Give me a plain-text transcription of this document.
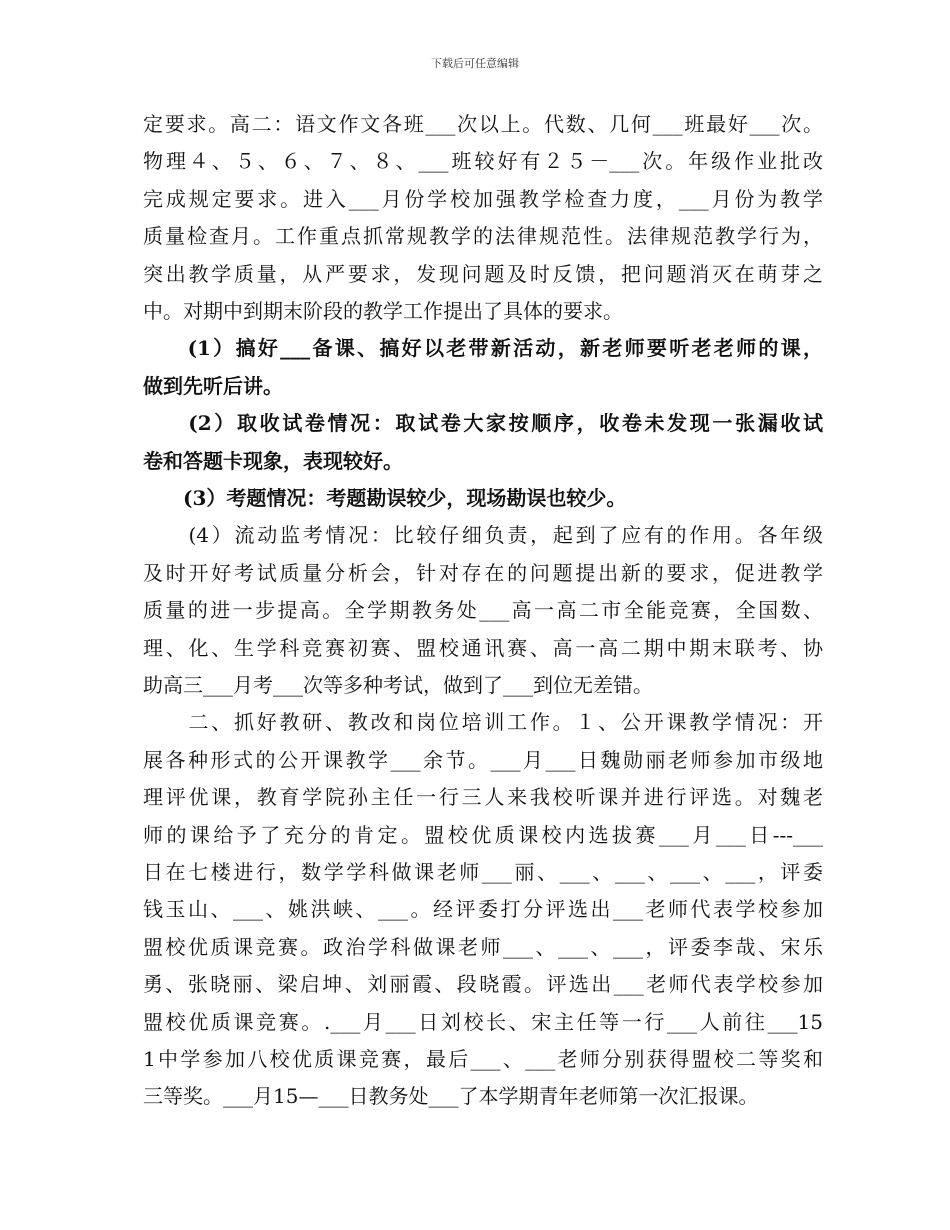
下载后可任意编辑
定要求。高二：语文作文各班___次以上。代数、几何___班最好___次。
物理４、５、６、７、８、___班较好有２５－___次。年级作业批改
完成规定要求。进入___月份学校加强教学检查力度，___月份为教学
质量检查月。工作重点抓常规教学的法律规范性。法律规范教学行为，
突出教学质量，从严要求，发现问题及时反馈，把问题消灭在萌芽之
中。对期中到期末阶段的教学工作提出了具体的要求。
　　(1）搞好___备课、搞好以老带新活动，新老师要听老老师的课，
做到先听后讲。
　　(2）取收试卷情况：取试卷大家按顺序，收卷未发现一张漏收试
卷和答题卡现象，表现较好。
　　(3）考题情况：考题勘误较少，现场勘误也较少。
　　(4）流动监考情况：比较仔细负责，起到了应有的作用。各年级
及时开好考试质量分析会，针对存在的问题提出新的要求，促进教学
质量的进一步提高。全学期教务处___高一高二市全能竞赛，全国数、
理、化、生学科竞赛初赛、盟校通讯赛、高一高二期中期末联考、协
助高三___月考___次等多种考试，做到了___到位无差错。
　　二、抓好教研、教改和岗位培训工作。１、公开课教学情况：开
展各种形式的公开课教学___余节。___月___日魏勋丽老师参加市级地
理评优课，教育学院孙主任一行三人来我校听课并进行评选。对魏老
师的课给予了充分的肯定。盟校优质课校内选拔赛___月___日---___
日在七楼进行，数学学科做课老师___丽、___、___、___、___，评委
钱玉山、___、姚洪峡、___。经评委打分评选出___老师代表学校参加
盟校优质课竞赛。政治学科做课老师___、___、___，评委李哉、宋乐
勇、张晓丽、梁启坤、刘丽霞、段晓霞。评选出___老师代表学校参加
盟校优质课竞赛。.___月___日刘校长、宋主任等一行___人前往___15
1中学参加八校优质课竞赛，最后___、___老师分别获得盟校二等奖和
三等奖。___月15—___日教务处___了本学期青年老师第一次汇报课。
